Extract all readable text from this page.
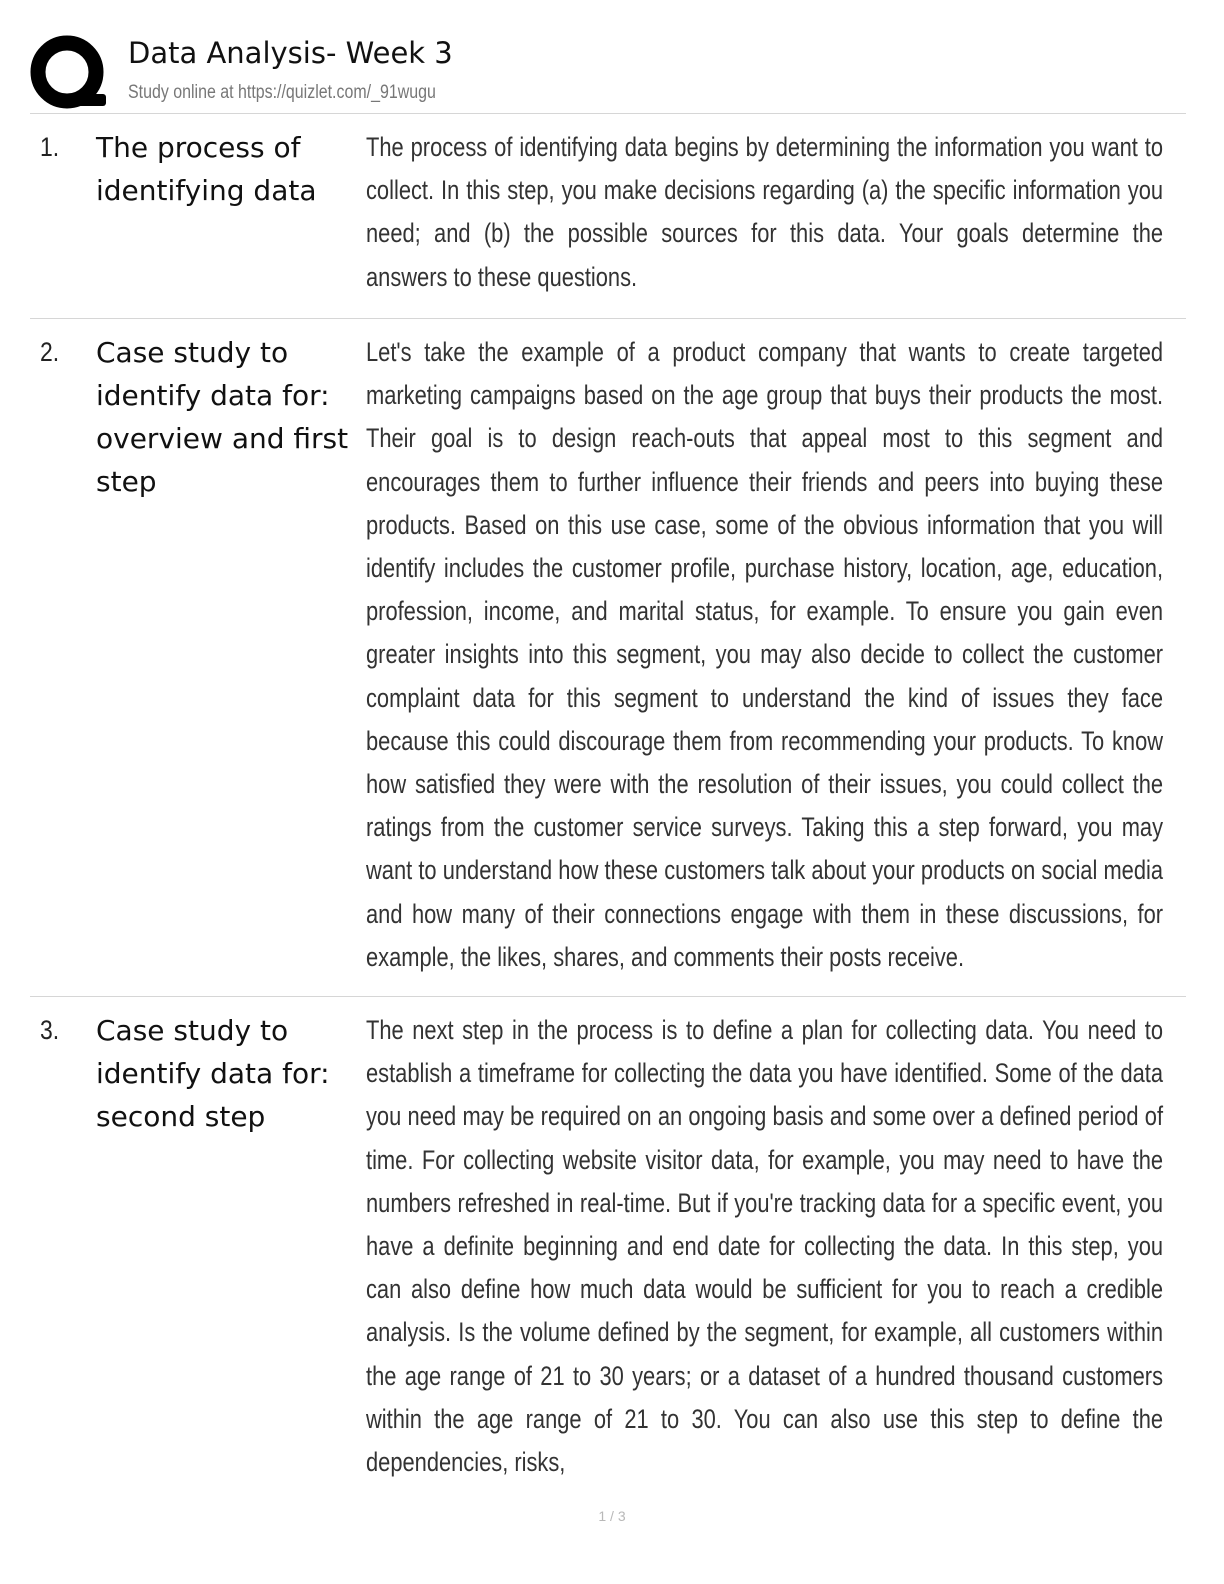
Data Analysis- Week 3
Study online at https://quizlet.com/_91wugu
1. The process of
identifying data

The process of identifying data begins by determining the information you want to collect. In this step, you make decisions regarding (a) the specific information you need; and (b) the possible sources for this data. Your goals determine the answers to these questions.

2. Case study to
identify data for:
overview and first
step

Let's take the example of a product company that wants to create targeted marketing campaigns based on the age group that buys their products the most. Their goal is to design reach-outs that appeal most to this segment and encourages them to further influence their friends and peers into buying these products. Based on this use case, some of the obvious information that you will identify includes the customer profile, purchase history, location, age, education, profession, income, and marital status, for example. To ensure you gain even greater insights into this segment, you may also decide to collect the customer complaint data for this segment to understand the kind of issues they face because this could discourage them from recommending your products. To know how satisfied they were with the resolution of their issues, you could collect the ratings from the customer service surveys. Taking this a step forward, you may want to understand how these customers talk about your products on social media and how many of their connections engage with them in these discussions, for example, the likes, shares, and comments their posts receive.

3. Case study to
identify data for:
second step

The next step in the process is to define a plan for collecting data. You need to establish a timeframe for collecting the data you have identified. Some of the data you need may be required on an ongoing basis and some over a defined period of time. For collecting website visitor data, for example, you may need to have the numbers refreshed in real-time. But if you're tracking data for a specific event, you have a definite beginning and end date for collecting the data. In this step, you can also define how much data would be sufficient for you to reach a credible analysis. Is the volume defined by the segment, for example, all customers within the age range of 21 to 30 years; or a dataset of a hundred thousand customers within the age range of 21 to 30. You can also use this step to define the dependencies, risks,

1 / 3
